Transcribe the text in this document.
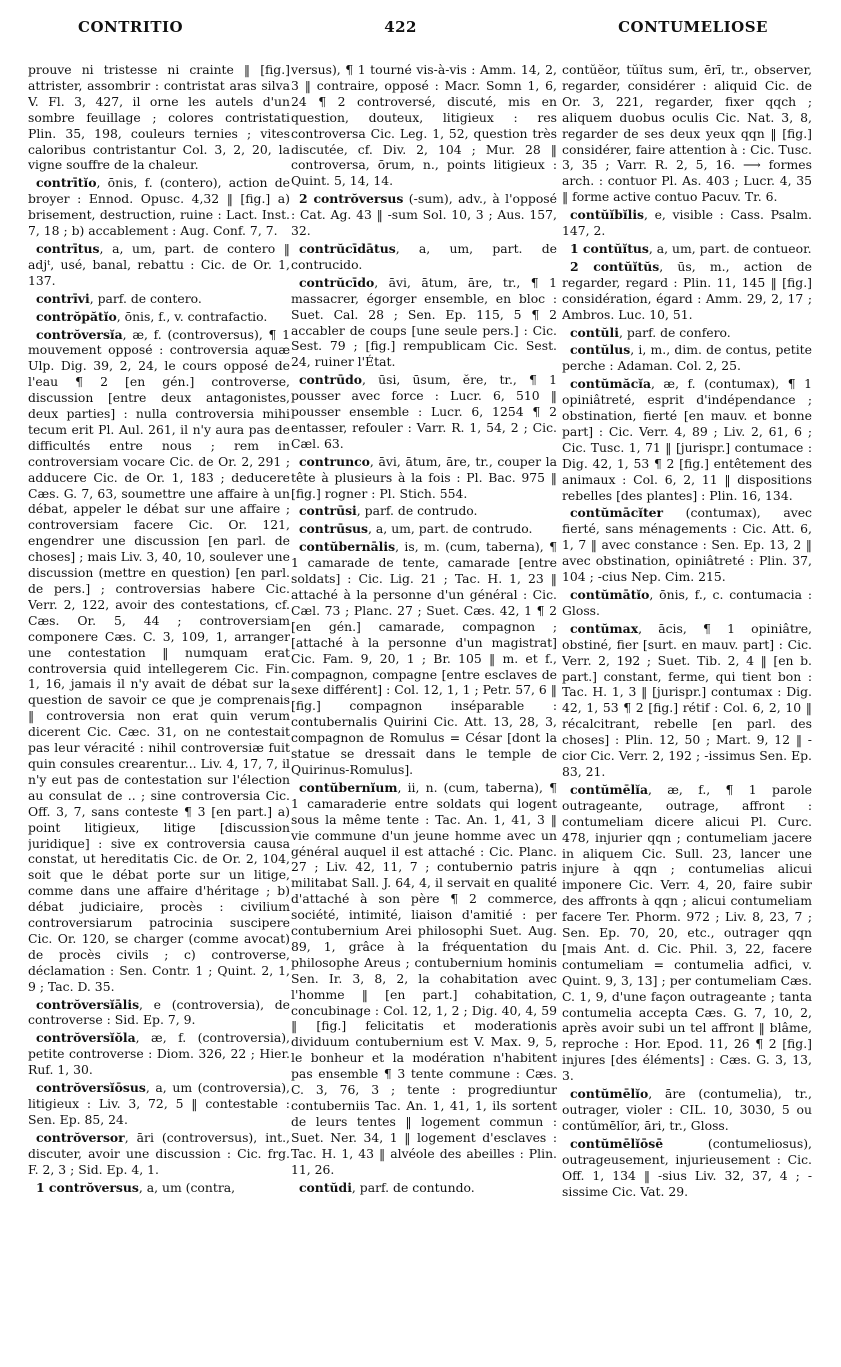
CONTRITIO	422	CONTUMELIOSE

prouve ni tristesse ni crainte ‖ [fig.] attrister, assombrir : contristat aras silva V. Fl. 3, 427, il orne les autels d'un sombre feuillage ; colores contristati Plin. 35, 198, couleurs ternies ; vites caloribus contristantur Col. 3, 2, 20, la vigne souffre de la chaleur.

contrītĭo, ōnis, f. (contero), action de broyer : Ennod. Opusc. 4,32 ‖ [fig.] a) brisement, destruction, ruine : Lact. Inst. 7, 18 ; b) accablement : Aug. Conf. 7, 7.

contrītus, a, um, part. de contero ‖ adjᵗ, usé, banal, rebattu : Cic. de Or. 1, 137.

contrīvi, parf. de contero.

contrŏpătĭo, ōnis, f., v. contrafactio.

contrŏversĭa, æ, f. (controversus), ¶ 1 mouvement opposé : controversia aquæ Ulp. Dig. 39, 2, 24, le cours opposé de l'eau ¶ 2 [en gén.] controverse, discussion [entre deux antagonistes, deux parties] : nulla controversia mihi tecum erit Pl. Aul. 261, il n'y aura pas de difficultés entre nous ; rem in controversiam vocare Cic. de Or. 2, 291 ; adducere Cic. de Or. 1, 183 ; deducere Cæs. G. 7, 63, soumettre une affaire à un débat, appeler le débat sur une affaire ; controversiam facere Cic. Or. 121, engendrer une discussion [en parl. de choses] ; mais Liv. 3, 40, 10, soulever une discussion (mettre en question) [en parl. de pers.] ; controversias habere Cic. Verr. 2, 122, avoir des contestations, cf. Cæs. Or. 5, 44 ; controversiam componere Cæs. C. 3, 109, 1, arranger une contestation ‖ numquam erat controversia quid intellegerem Cic. Fin. 1, 16, jamais il n'y avait de débat sur la question de savoir ce que je comprenais ‖ controversia non erat quin verum dicerent Cic. Cæc. 31, on ne contestait pas leur véracité : nihil controversiæ fuit quin consules crearentur... Liv. 4, 17, 7, il n'y eut pas de contestation sur l'élection au consulat de .. ; sine controversia Cic. Off. 3, 7, sans conteste ¶ 3 [en part.] a) point litigieux, litige [discussion juridique] : sive ex controversia causa constat, ut hereditatis Cic. de Or. 2, 104, soit que le débat porte sur un litige, comme dans une affaire d'héritage ; b) débat judiciaire, procès : civilium controversiarum patrocinia suscipere Cic. Or. 120, se charger (comme avocat) de procès civils ; c) controverse, déclamation : Sen. Contr. 1 ; Quint. 2, 1, 9 ; Tac. D. 35.

contrŏversĭālis, e (controversia), de controverse : Sid. Ep. 7, 9.

contrŏversĭŏla, æ, f. (controversia), petite controverse : Diom. 326, 22 ; Hier. Ruf. 1, 30.

contrŏversĭōsus, a, um (controversia), litigieux : Liv. 3, 72, 5 ‖ contestable : Sen. Ep. 85, 24.

contrŏversor, āri (controversus), int., discuter, avoir une discussion : Cic. frg. F. 2, 3 ; Sid. Ep. 4, 1.

1 contrŏversus, a, um (contra,

versus), ¶ 1 tourné vis-à-vis : Amm. 14, 2, 3 ‖ contraire, opposé : Macr. Somn 1, 6, 24 ¶ 2 controversé, discuté, mis en question, douteux, litigieux : res controversa Cic. Leg. 1, 52, question très discutée, cf. Div. 2, 104 ; Mur. 28 ‖ controversa, ōrum, n., points litigieux : Quint. 5, 14, 14.

2 contrŏversus (-sum), adv., à l'opposé : Cat. Ag. 43 ‖ -sum Sol. 10, 3 ; Aus. 157, 32.

contrŭcīdātus, a, um, part. de contrucido.

contrŭcīdo, āvi, ātum, āre, tr., ¶ 1 massacrer, égorger ensemble, en bloc : Suet. Cal. 28 ; Sen. Ep. 115, 5 ¶ 2 accabler de coups [une seule pers.] : Cic. Sest. 79 ; [fig.] rempublicam Cic. Sest. 24, ruiner l'État.

contrūdo, ūsi, ūsum, ĕre, tr., ¶ 1 pousser avec force : Lucr. 6, 510 ‖ pousser ensemble : Lucr. 6, 1254 ¶ 2 entasser, refouler : Varr. R. 1, 54, 2 ; Cic. Cæl. 63.

contrunco, āvi, ātum, āre, tr., couper la tête à plusieurs à la fois : Pl. Bac. 975 ‖ [fig.] rogner : Pl. Stich. 554.

contrūsi, parf. de contrudo.

contrūsus, a, um, part. de contrudo.

contŭbernālis, is, m. (cum, taberna), ¶ 1 camarade de tente, camarade [entre soldats] : Cic. Lig. 21 ; Tac. H. 1, 23 ‖ attaché à la personne d'un général : Cic. Cæl. 73 ; Planc. 27 ; Suet. Cæs. 42, 1 ¶ 2 [en gén.] camarade, compagnon ; [attaché à la personne d'un magistrat] Cic. Fam. 9, 20, 1 ; Br. 105 ‖ m. et f., compagnon, compagne [entre esclaves de sexe différent] : Col. 12, 1, 1 ; Petr. 57, 6 ‖ [fig.] compagnon inséparable : contubernalis Quirini Cic. Att. 13, 28, 3, compagnon de Romulus = César [dont la statue se dressait dans le temple de Quirinus-Romulus].

contŭbernĭum, ii, n. (cum, taberna), ¶ 1 camaraderie entre soldats qui logent sous la même tente : Tac. An. 1, 41, 3 ‖ vie commune d'un jeune homme avec un général auquel il est attaché : Cic. Planc. 27 ; Liv. 42, 11, 7 ; contubernio patris militabat Sall. J. 64, 4, il servait en qualité d'attaché à son père ¶ 2 commerce, société, intimité, liaison d'amitié : per contubernium Arei philosophi Suet. Aug. 89, 1, grâce à la fréquentation du philosophe Areus ; contubernium hominis Sen. Ir. 3, 8, 2, la cohabitation avec l'homme ‖ [en part.] cohabitation, concubinage : Col. 12, 1, 2 ; Dig. 40, 4, 59 ‖ [fig.] felicitatis et moderationis dividuum contubernium est V. Max. 9, 5, le bonheur et la modération n'habitent pas ensemble ¶ 3 tente commune : Cæs. C. 3, 76, 3 ; tente : progrediuntur contuberniis Tac. An. 1, 41, 1, ils sortent de leurs tentes ‖ logement commun : Suet. Ner. 34, 1 ‖ logement d'esclaves : Tac. H. 1, 43 ‖ alvéole des abeilles : Plin. 11, 26.

contŭdi, parf. de contundo.

contŭĕor, tŭĭtus sum, ērī, tr., observer, regarder, considérer : aliquid Cic. de Or. 3, 221, regarder, fixer qqch ; aliquem duobus oculis Cic. Nat. 3, 8, regarder de ses deux yeux qqn ‖ [fig.] considérer, faire attention à : Cic. Tusc. 3, 35 ; Varr. R. 2, 5, 16. ⟶ formes arch. : contuor Pl. As. 403 ; Lucr. 4, 35 ‖ forme active contuo Pacuv. Tr. 6.

contŭĭbĭlis, e, visible : Cass. Psalm. 147, 2.

1 contŭĭtus, a, um, part. de contueor.

2 contŭĭtŭs, ūs, m., action de regarder, regard : Plin. 11, 145 ‖ [fig.] considération, égard : Amm. 29, 2, 17 ; Ambros. Luc. 10, 51.

contŭli, parf. de confero.

contŭlus, i, m., dim. de contus, petite perche : Adaman. Col. 2, 25.

contŭmăcĭa, æ, f. (contumax), ¶ 1 opiniâtreté, esprit d'indépendance ; obstination, fierté [en mauv. et bonne part] : Cic. Verr. 4, 89 ; Liv. 2, 61, 6 ; Cic. Tusc. 1, 71 ‖ [jurispr.] contumace : Dig. 42, 1, 53 ¶ 2 [fig.] entêtement des animaux : Col. 6, 2, 11 ‖ dispositions rebelles [des plantes] : Plin. 16, 134.

contŭmācĭter (contumax), avec fierté, sans ménagements : Cic. Att. 6, 1, 7 ‖ avec constance : Sen. Ep. 13, 2 ‖ avec obstination, opiniâtreté : Plin. 37, 104 ; -cius Nep. Cim. 215.

contŭmātĭo, ōnis, f., c. contumacia : Gloss.

contŭmax, ācis, ¶ 1 opiniâtre, obstiné, fier [surt. en mauv. part] : Cic. Verr. 2, 192 ; Suet. Tib. 2, 4 ‖ [en b. part.] constant, ferme, qui tient bon : Tac. H. 1, 3 ‖ [jurispr.] contumax : Dig. 42, 1, 53 ¶ 2 [fig.] rétif : Col. 6, 2, 10 ‖ récalcitrant, rebelle [en parl. des choses] : Plin. 12, 50 ; Mart. 9, 12 ‖ -cior Cic. Verr. 2, 192 ; -issimus Sen. Ep. 83, 21.

contŭmēlĭa, æ, f., ¶ 1 parole outrageante, outrage, affront : contumeliam dicere alicui Pl. Curc. 478, injurier qqn ; contumeliam jacere in aliquem Cic. Sull. 23, lancer une injure à qqn ; contumelias alicui imponere Cic. Verr. 4, 20, faire subir des affronts à qqn ; alicui contumeliam facere Ter. Phorm. 972 ; Liv. 8, 23, 7 ; Sen. Ep. 70, 20, etc., outrager qqn [mais Ant. d. Cic. Phil. 3, 22, facere contumeliam = contumelia adfici, v. Quint. 9, 3, 13] ; per contumeliam Cæs. C. 1, 9, d'une façon outrageante ; tanta contumelia accepta Cæs. G. 7, 10, 2, après avoir subi un tel affront ‖ blâme, reproche : Hor. Epod. 11, 26 ¶ 2 [fig.] injures [des éléments] : Cæs. G. 3, 13, 3.

contŭmēlĭo, āre (contumelia), tr., outrager, violer : CIL. 10, 3030, 5 ou contŭmēlĭor, āri, tr., Gloss.

contŭmēlĭōsē (contumeliosus), outrageusement, injurieusement : Cic. Off. 1, 134 ‖ -sius Liv. 32, 37, 4 ; -sissime Cic. Vat. 29.
